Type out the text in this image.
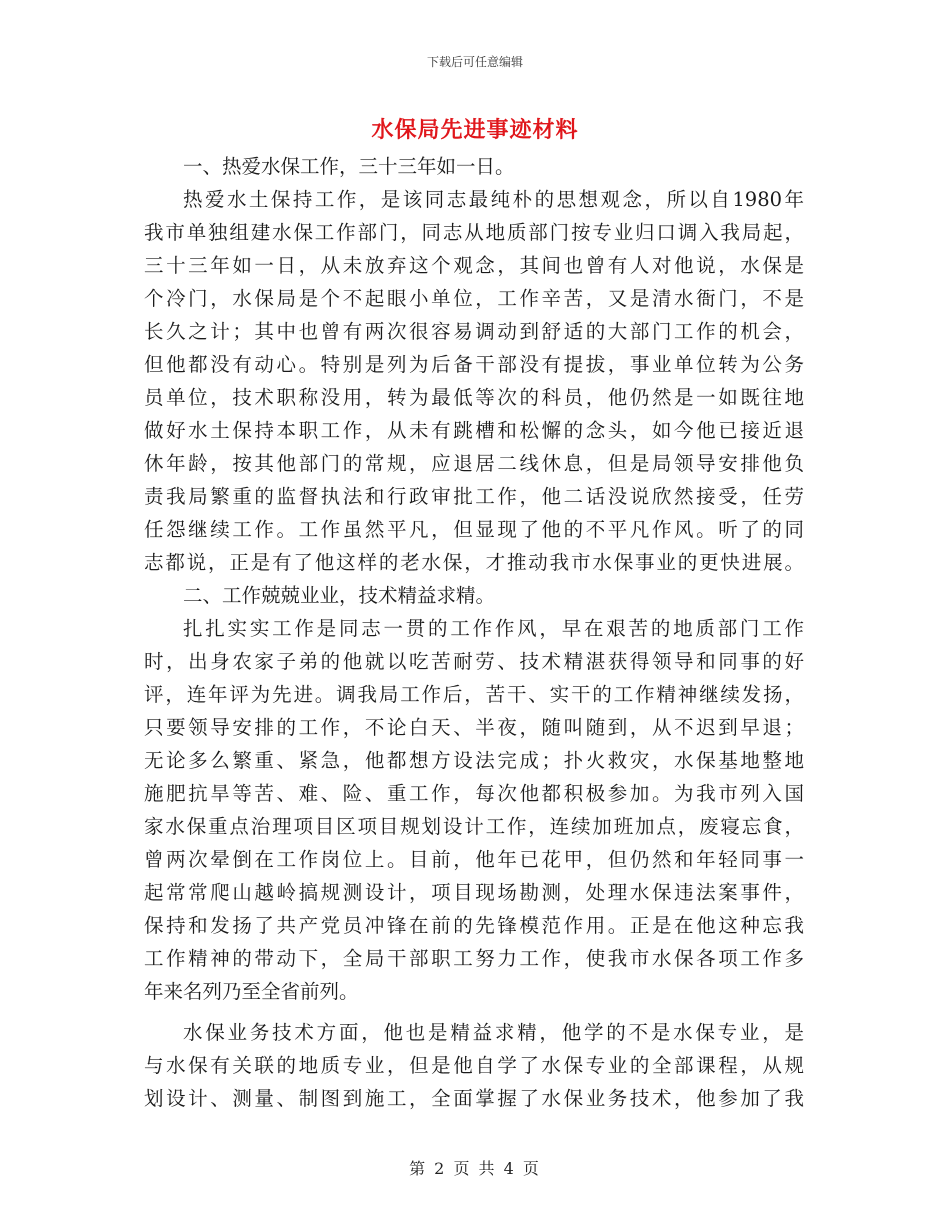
下载后可任意编辑
水保局先进事迹材料
一、热爱水保工作，三十三年如一日。
热爱水土保持工作，是该同志最纯朴的思想观念，所以自1980年
我市单独组建水保工作部门，同志从地质部门按专业归口调入我局起，
三十三年如一日，从未放弃这个观念，其间也曾有人对他说，水保是
个冷门，水保局是个不起眼小单位，工作辛苦，又是清水衙门，不是
长久之计；其中也曾有两次很容易调动到舒适的大部门工作的机会，
但他都没有动心。特别是列为后备干部没有提拔，事业单位转为公务
员单位，技术职称没用，转为最低等次的科员，他仍然是一如既往地
做好水土保持本职工作，从未有跳槽和松懈的念头，如今他已接近退
休年龄，按其他部门的常规，应退居二线休息，但是局领导安排他负
责我局繁重的监督执法和行政审批工作，他二话没说欣然接受，任劳
任怨继续工作。工作虽然平凡，但显现了他的不平凡作风。听了的同
志都说，正是有了他这样的老水保，才推动我市水保事业的更快进展。
二、工作兢兢业业，技术精益求精。
扎扎实实工作是同志一贯的工作作风，早在艰苦的地质部门工作
时，出身农家子弟的他就以吃苦耐劳、技术精湛获得领导和同事的好
评，连年评为先进。调我局工作后，苦干、实干的工作精神继续发扬，
只要领导安排的工作，不论白天、半夜，随叫随到，从不迟到早退；
无论多么繁重、紧急，他都想方设法完成；扑火救灾，水保基地整地
施肥抗旱等苦、难、险、重工作，每次他都积极参加。为我市列入国
家水保重点治理项目区项目规划设计工作，连续加班加点，废寝忘食，
曾两次晕倒在工作岗位上。目前，他年已花甲，但仍然和年轻同事一
起常常爬山越岭搞规测设计，项目现场勘测，处理水保违法案事件，
保持和发扬了共产党员冲锋在前的先锋模范作用。正是在他这种忘我
工作精神的带动下，全局干部职工努力工作，使我市水保各项工作多
年来名列乃至全省前列。
水保业务技术方面，他也是精益求精，他学的不是水保专业，是
与水保有关联的地质专业，但是他自学了水保专业的全部课程，从规
划设计、测量、制图到施工，全面掌握了水保业务技术，他参加了我
第 2 页 共 4 页
